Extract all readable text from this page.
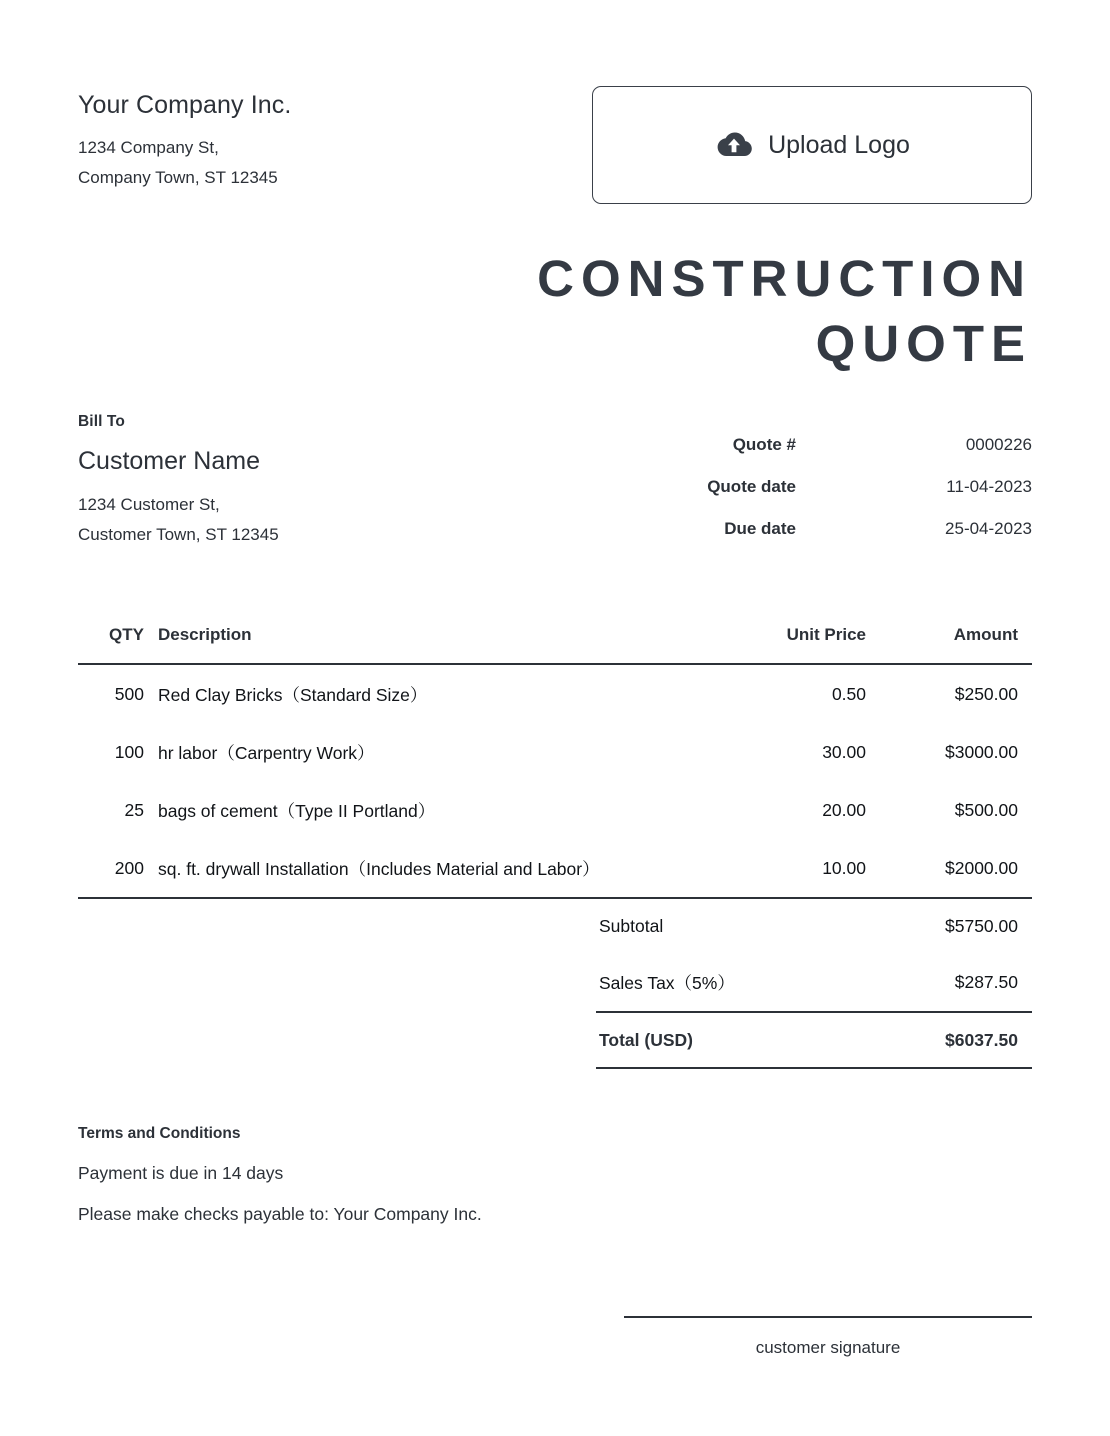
Your Company Inc.
1234 Company St,
Company Town, ST 12345
Upload Logo
CONSTRUCTION
QUOTE
Bill To
Customer Name
1234 Customer St,
Customer Town, ST 12345
Quote #	0000226
Quote date	11-04-2023
Due date	25-04-2023
QTY	Description	Unit Price	Amount
500	Red Clay Bricks（Standard Size）	0.50	$250.00
100	hr labor（Carpentry Work）	30.00	$3000.00
25	bags of cement（Type II Portland）	20.00	$500.00
200	sq. ft. drywall Installation（Includes Material and Labor）	10.00	$2000.00
Subtotal	$5750.00
Sales Tax（5%）	$287.50
Total (USD)	$6037.50
Terms and Conditions
Payment is due in 14 days
Please make checks payable to: Your Company Inc.
customer signature
